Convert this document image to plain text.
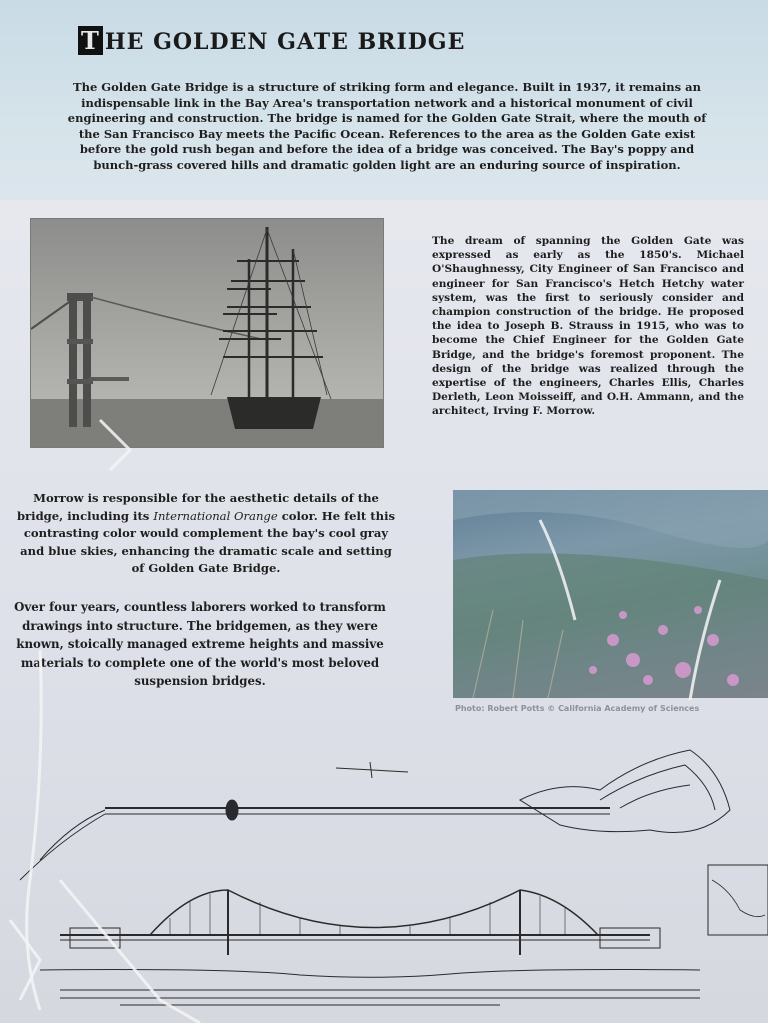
T HE GOLDEN GATE BRIDGE

The Golden Gate Bridge is a structure of striking form and elegance. Built in 1937, it remains an indispensable link in the Bay Area's transportation network and a historical monument of civil engineering and construction. The bridge is named for the Golden Gate Strait, where the mouth of the San Francisco Bay meets the Pacific Ocean. References to the area as the Golden Gate exist before the gold rush began and before the idea of a bridge was conceived. The Bay's poppy and bunch-grass covered hills and dramatic golden light are an enduring source of inspiration.

The dream of spanning the Golden Gate was expressed as early as the 1850's. Michael O'Shaughnessy, City Engineer of San Francisco and engineer for San Francisco's Hetch Hetchy water system, was the first to seriously consider and champion construction of the bridge. He proposed the idea to Joseph B. Strauss in 1915, who was to become the Chief Engineer for the Golden Gate Bridge, and the bridge's foremost proponent. The design of the bridge was realized through the expertise of the engineers, Charles Ellis, Charles Derleth, Leon Moisseiff, and O.H. Ammann, and the architect, Irving F. Morrow.

Morrow is responsible for the aesthetic details of the bridge, including its International Orange color. He felt this contrasting color would complement the bay's cool gray and blue skies, enhancing the dramatic scale and setting of Golden Gate Bridge.

Over four years, countless laborers worked to transform drawings into structure. The bridgemen, as they were known, stoically managed extreme heights and massive materials to complete one of the world's most beloved suspension bridges.

Photo: Robert Potts © California Academy of Sciences
